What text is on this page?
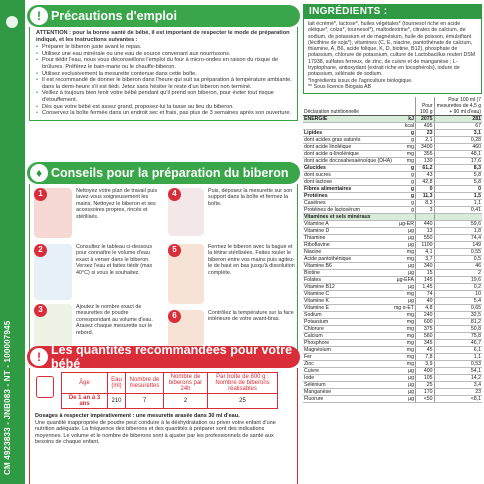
CM 4923833 - JNB083 - NT - 100007945
! Précautions d'emploi
ATTENTION : pour la bonne santé de bébé, il est important de respecter le mode de préparation indiqué, et les instructions suivantes :
• Préparer le biberon juste avant le repas.
• Utilisez une eau minérale ou une eau de source convenant aux nourrissons.
• Pour tiédir l'eau, nous vous déconseillons l'emploi du four à micro-ondes en raison du risque de brûlures. Préférez le bain-marie ou le chauffe-biberon.
• Utilisez exclusivement la mesurette contenue dans cette boîte.
• Il est recommandé de donner le biberon dans l'heure qui suit sa préparation à température ambiante, dans la demi-heure s'il est tiédi. Jetez sans hésiter le reste d'un biberon non terminé.
• Veillez à toujours bien tenir votre bébé pendant qu'il prend son biberon, pour éviter tout risque d'étouffement.
• Dès que votre bébé est assez grand, proposez-lui la tasse au lieu du biberon.
• Conservez la boîte fermée dans un endroit sec et frais, pas plus de 3 semaines après son ouverture.
♦ Conseils pour la préparation du biberon
1	Nettoyez votre plan de travail puis lavez-vous soigneusement les mains. Nettoyez le biberon et ses accessoires propres, rincés et stérilisés.
2	Consultez le tableau ci-dessous pour connaître le volume d'eau exact à verser dans le biberon. Versez l'eau et faites tiédir (max 40°C) si vous le souhaitez.
3	Ajoutez le nombre exact de mesurettes de poudre correspondant au volume d'eau. Arasez chaque mesurette sur le rebord.
4	Puis, déposez la mesurette sur son support dans la boîte et fermez la boîte.
5	Fermez le biberon avec la bague et la tétine stérilisées. Faites rouler le biberon entre vos mains puis agitez-le de haut en bas jusqu'à dissolution complète.
6	Contrôlez la température sur la face intérieure de votre avant-bras.
! Les quantités recommandées pour votre bébé
Âge	Eau (ml)	Nombre de mesurettes	Nombre de biberons par 24h	Par boîte de 800 g : Nombre de biberons réalisables
De 1 an à 3 ans	210	7	2	25
Dosages à respecter impérativement : une mesurette arasée dans 30 ml d'eau.
Une quantité inappropriée de poudre peut conduire à la déshydratation ou priver votre enfant d'une nutrition adéquate. La fréquence des biberons et des quantités à préparer sont des indications moyennes. Le volume et le nombre de biberons sont à ajuster par les professionnels de santé aux besoins de chaque enfant.
INGRÉDIENTS :
lait écrémé*, lactose*, huiles végétales* (tournesol riche en acide oléique*, colza*, tournesol*), maltodextrine*, citrates de calcium, de sodium, de potassium et de magnésium, huile de poisson, émulsifiant (lécithine de soja*), vitamines (C, E, niacine, pantothénate de calcium, thiamine, A, B6, acide folique, K, D, biotine, B12), phosphate de potassium, chlorure de potassium, culture de Lactobacillus reuteri DSM 17938, sulfates ferreux, de zinc, de cuivre et de manganèse ; L-tryptophane, antioxydant (extrait riche en tocophérols), iodure de potassium, sélénate de sodium.
*Ingrédients issus de l'agriculture biologique.
** Sous licence Biogaia AB
Déclaration nutritionnelle		Pour 100 g	Pour 100 ml (7 mesurettes de 4,5 g + 90 ml d'eau)
ÉNERGIE	kJ	2075	281
	kcal	495	67
Lipides	g	23	3,1
dont acides gras saturés	g	2,1	0,28
dont acide linoléique	mg	3400	460
dont acide α-linolénique	mg	355	48,1
dont acide docosahexaénoïque (DHA)	mg	130	17,6
Glucides	g	61,2	8,3
dont sucres	g	43	5,8
dont lactose	g	42,8	5,8
Fibres alimentaires	g	0	0
Protéines	g	11,3	1,5
Caséines	g	8,3	1,1
Protéines de lactosérum	g	3	0,41
Vitamines et sels minéraux			
Vitamine A	µg-ER	440	59,6
Vitamine D	µg	13	1,8
Thiamine	µg	550	74,4
Riboflavine	µg	1100	149
Niacine	mg	4,1	0,55
Acide pantothénique	mg	3,7	0,5
Vitamine B6	µg	340	46
Biotine	µg	15	2
Folates	µg-EFA	145	19,6
Vitamine B12	µg	1,45	0,2
Vitamine C	mg	74	10
Vitamine K	µg	40	5,4
Vitamine E	mg α-ET	4,8	0,65
Sodium	mg	240	32,5
Potassium	mg	600	81,2
Chlorure	mg	375	50,8
Calcium	mg	560	75,8
Phosphore	mg	345	46,7
Magnésium	mg	45	6,1
Fer	mg	7,8	1,1
Zinc	mg	3,9	0,53
Cuivre	µg	400	54,1
Iode	µg	105	14,2
Sélénium	µg	25	3,4
Manganèse	µg	170	23
Fluorure	µg	<50	<8,1
